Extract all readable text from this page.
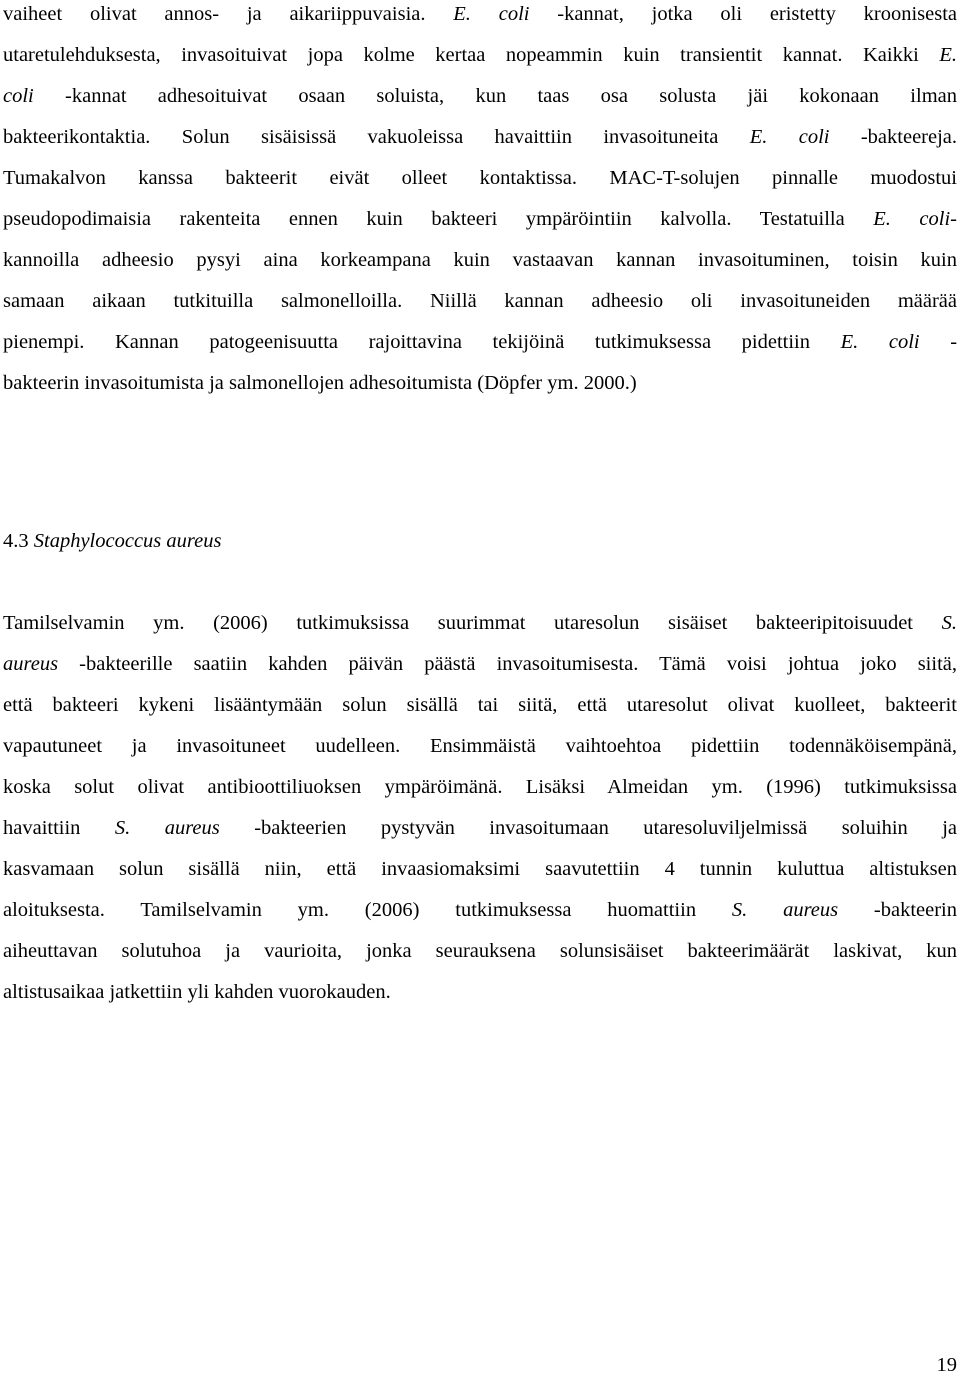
vaiheet olivat annos- ja aikariippuvaisia. E. coli -kannat, jotka oli eristetty kroonisesta
utaretulehduksesta, invasoituivat jopa kolme kertaa nopeammin kuin transientit kannat. Kaikki E.
coli -kannat adhesoituivat osaan soluista, kun taas osa solusta jäi kokonaan ilman
bakteerikontaktia. Solun sisäisissä vakuoleissa havaittiin invasoituneita E. coli -bakteereja.
Tumakalvon kanssa bakteerit eivät olleet kontaktissa. MAC-T-solujen pinnalle muodostui
pseudopodimaisia rakenteita ennen kuin bakteeri ympäröintiin kalvolla. Testatuilla E. coli-
kannoilla adheesio pysyi aina korkeampana kuin vastaavan kannan invasoituminen, toisin kuin
samaan aikaan tutkituilla salmonelloilla. Niillä kannan adheesio oli invasoituneiden määrää
pienempi. Kannan patogeenisuutta rajoittavina tekijöinä tutkimuksessa pidettiin E. coli -
bakteerin invasoitumista ja salmonellojen adhesoitumista (Döpfer ym. 2000.)
4.3 Staphylococcus aureus
Tamilselvamin ym. (2006) tutkimuksissa suurimmat utaresolun sisäiset bakteeripitoisuudet S.
aureus -bakteerille saatiin kahden päivän päästä invasoitumisesta. Tämä voisi johtua joko siitä,
että bakteeri kykeni lisääntymään solun sisällä tai siitä, että utaresolut olivat kuolleet, bakteerit
vapautuneet ja invasoituneet uudelleen. Ensimmäistä vaihtoehtoa pidettiin todennäköisempänä,
koska solut olivat antibioottiliuoksen ympäröimänä. Lisäksi Almeidan ym. (1996) tutkimuksissa
havaittiin S. aureus -bakteerien pystyvän invasoitumaan utaresoluviljelmissä soluihin ja
kasvamaan solun sisällä niin, että invaasiomaksimi saavutettiin 4 tunnin kuluttua altistuksen
aloituksesta. Tamilselvamin ym. (2006) tutkimuksessa huomattiin S. aureus -bakteerin
aiheuttavan solutuhoa ja vaurioita, jonka seurauksena solunsisäiset bakteerimäärät laskivat, kun
altistusaikaa jatkettiin yli kahden vuorokauden.
19
